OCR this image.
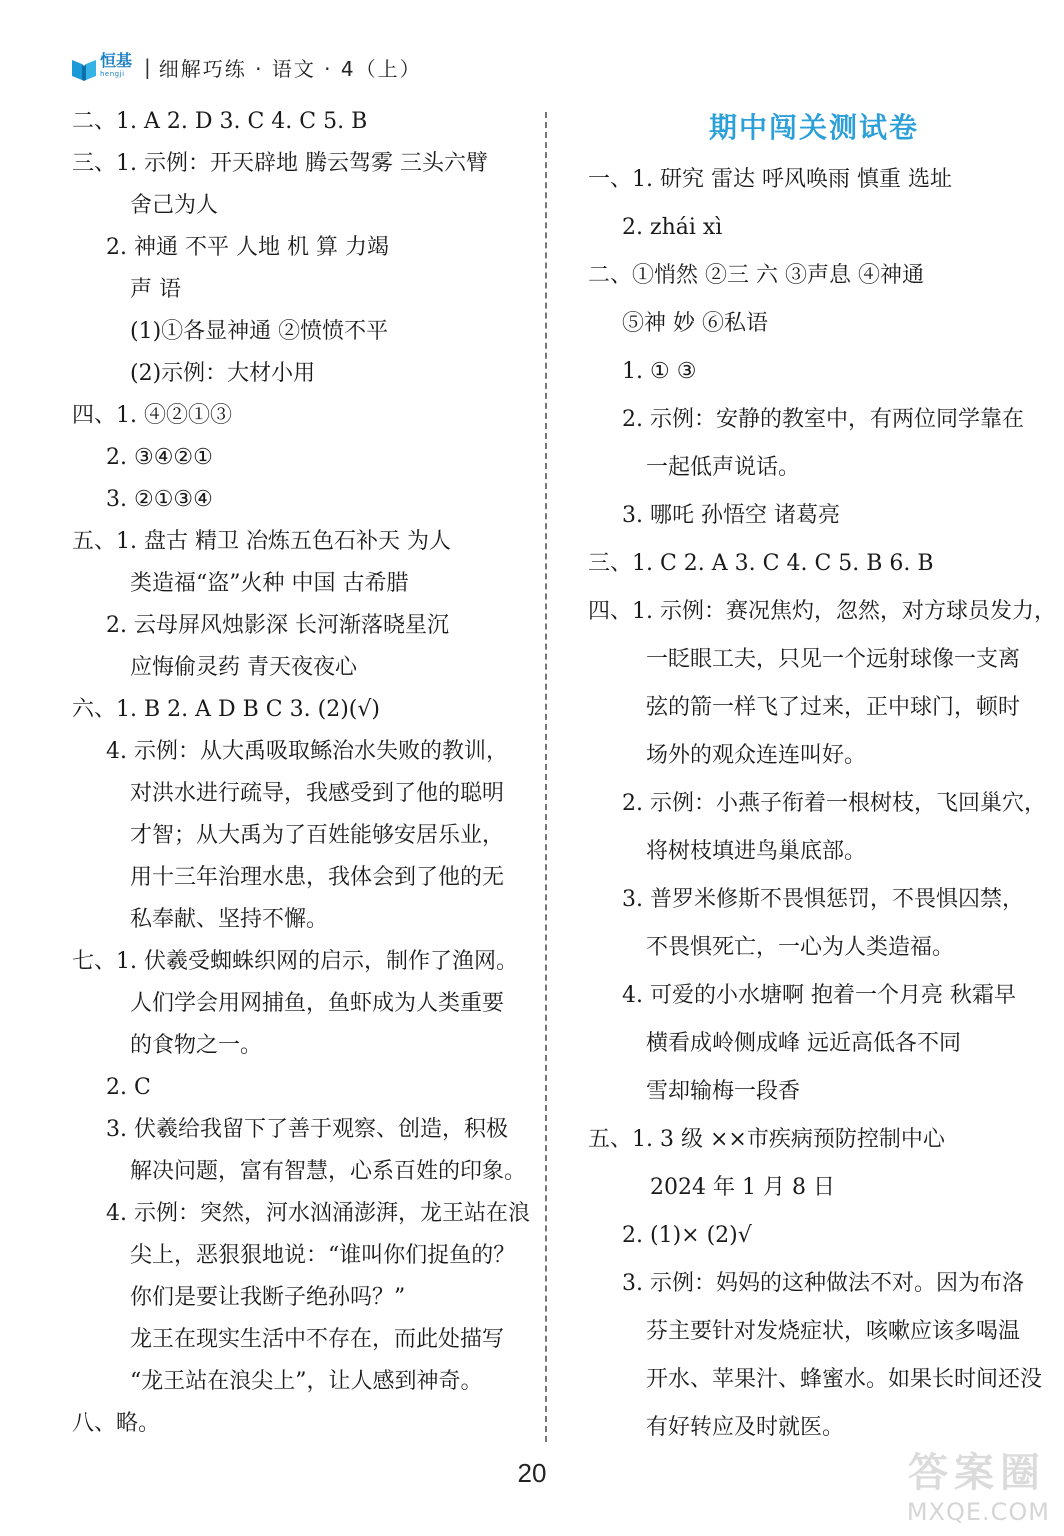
恒基
hengji | 细解巧练 · 语文 · 4（上）
二、1. A 2. D 3. C 4. C 5. B
三、1. 示例：开天辟地 腾云驾雾 三头六臂
舍己为人
2. 神通 不平 人地 机 算 力竭
声 语
(1)①各显神通 ②愤愤不平
(2)示例：大材小用
四、1. ④②①③
2. ③④②①
3. ②①③④
五、1. 盘古 精卫 冶炼五色石补天 为人
类造福“盗”火种 中国 古希腊
2. 云母屏风烛影深 长河渐落晓星沉
应悔偷灵药 青天夜夜心
六、1. B 2. A D B C 3. (2)(√)
4. 示例：从大禹吸取鲧治水失败的教训，
对洪水进行疏导，我感受到了他的聪明
才智；从大禹为了百姓能够安居乐业，
用十三年治理水患，我体会到了他的无
私奉献、坚持不懈。
七、1. 伏羲受蜘蛛织网的启示，制作了渔网。
人们学会用网捕鱼，鱼虾成为人类重要
的食物之一。
2. C
3. 伏羲给我留下了善于观察、创造，积极
解决问题，富有智慧，心系百姓的印象。
4. 示例：突然，河水汹涌澎湃，龙王站在浪
尖上，恶狠狠地说：“谁叫你们捉鱼的？
你们是要让我断子绝孙吗？”
龙王在现实生活中不存在，而此处描写
“龙王站在浪尖上”，让人感到神奇。
八、略。
期中闯关测试卷
一、1. 研究 雷达 呼风唤雨 慎重 选址
2. zhái xì
二、①悄然 ②三 六 ③声息 ④神通
⑤神 妙 ⑥私语
1. ① ③
2. 示例：安静的教室中，有两位同学靠在
一起低声说话。
3. 哪吒 孙悟空 诸葛亮
三、1. C 2. A 3. C 4. C 5. B 6. B
四、1. 示例：赛况焦灼，忽然，对方球员发力，
一眨眼工夫，只见一个远射球像一支离
弦的箭一样飞了过来，正中球门，顿时
场外的观众连连叫好。
2. 示例：小燕子衔着一根树枝，飞回巢穴，
将树枝填进鸟巢底部。
3. 普罗米修斯不畏惧惩罚，不畏惧囚禁，
不畏惧死亡，一心为人类造福。
4. 可爱的小水塘啊 抱着一个月亮 秋霜早
横看成岭侧成峰 远近高低各不同
雪却输梅一段香
五、1. 3 级 ××市疾病预防控制中心
2024 年 1 月 8 日
2. (1)× (2)√
3. 示例：妈妈的这种做法不对。因为布洛
芬主要针对发烧症状，咳嗽应该多喝温
开水、苹果汁、蜂蜜水。如果长时间还没
有好转应及时就医。
20	答案圈
MXQE.COM
